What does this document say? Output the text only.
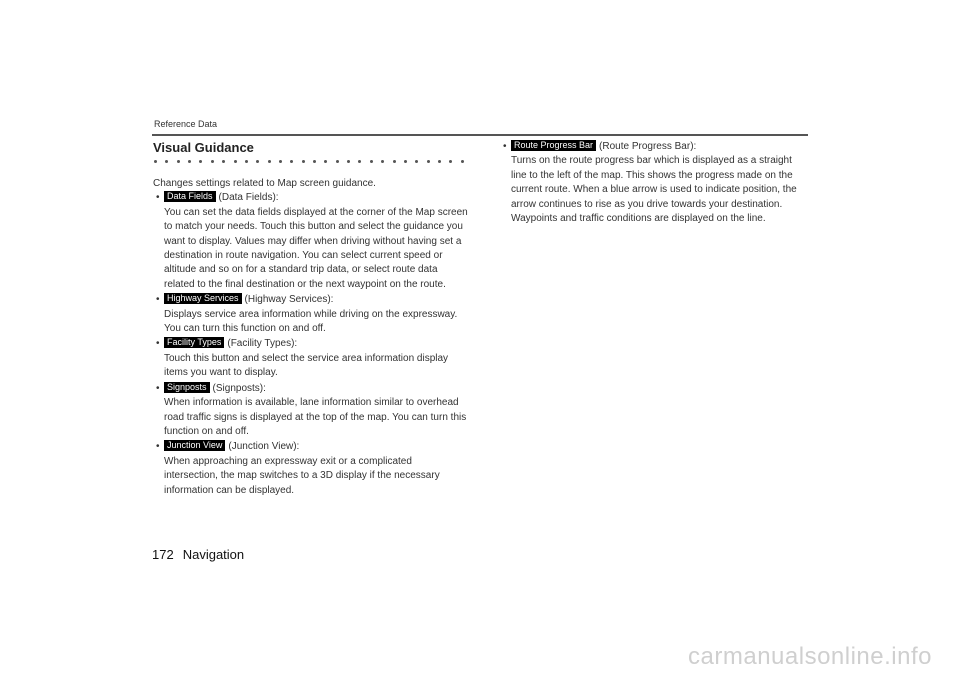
Reference Data
Visual Guidance

Changes settings related to Map screen guidance.

• Data Fields (Data Fields):
You can set the data fields displayed at the corner of the Map screen to match your needs. Touch this button and select the guidance you want to display. Values may differ when driving without having set a destination in route navigation. You can select current speed or altitude and so on for a standard trip data, or select route data related to the final destination or the next waypoint on the route.
• Highway Services (Highway Services):
Displays service area information while driving on the expressway. You can turn this function on and off.
• Facility Types (Facility Types):
Touch this button and select the service area information display items you want to display.
• Signposts (Signposts):
When information is available, lane information similar to overhead road traffic signs is displayed at the top of the map. You can turn this function on and off.
• Junction View (Junction View):
When approaching an expressway exit or a complicated intersection, the map switches to a 3D display if the necessary information can be displayed.
• Route Progress Bar (Route Progress Bar):
Turns on the route progress bar which is displayed as a straight line to the left of the map. This shows the progress made on the current route. When a blue arrow is used to indicate position, the arrow continues to rise as you drive towards your destination. Waypoints and traffic conditions are displayed on the line.
172 Navigation
carmanualsonline.info
